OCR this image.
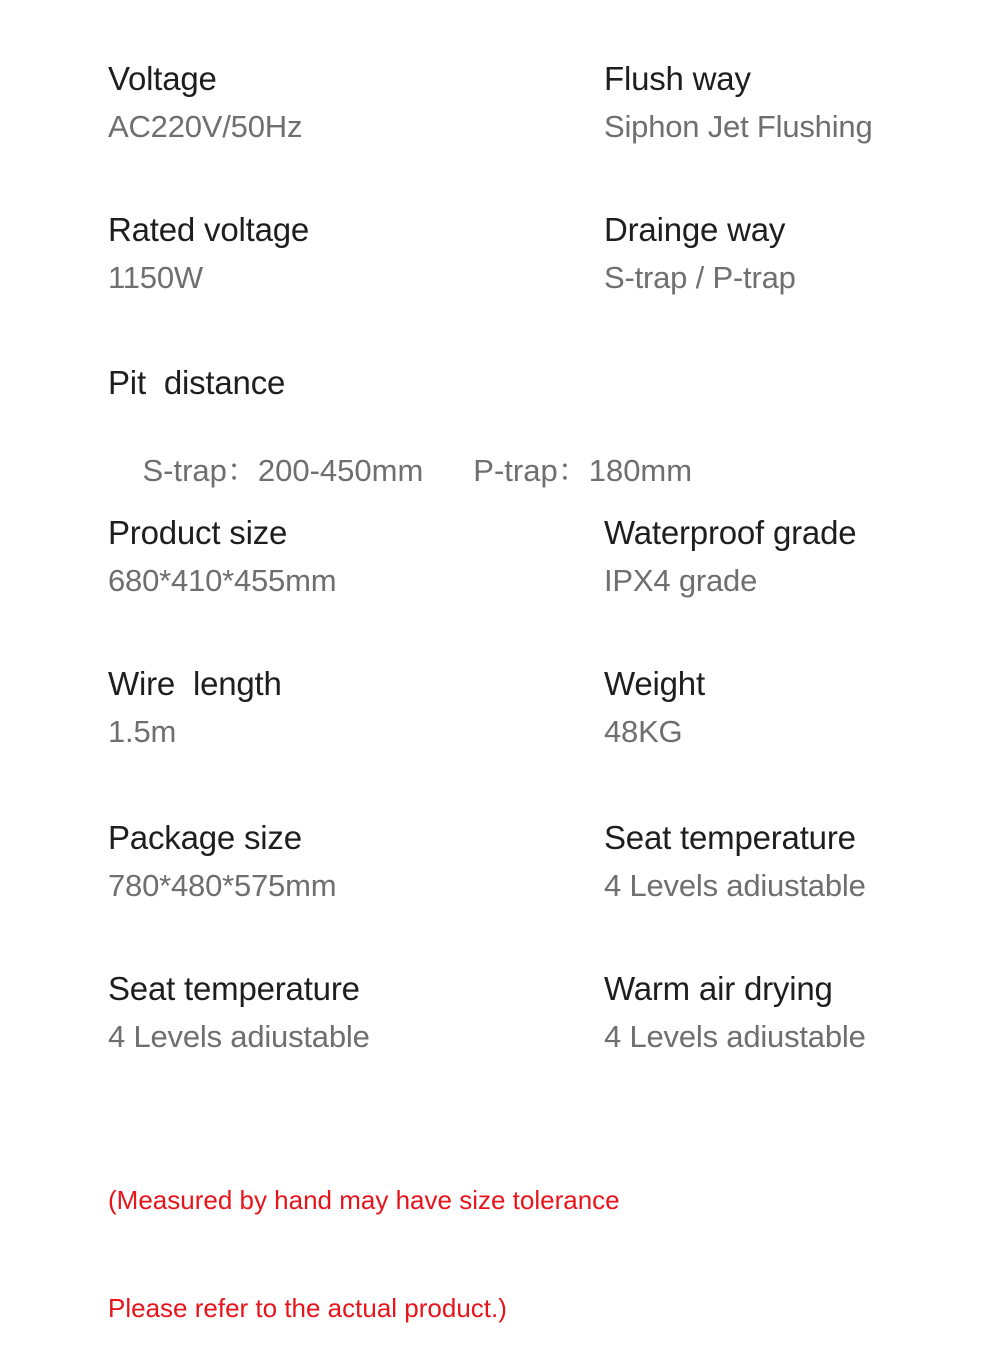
Voltage
AC220V/50Hz
Flush way
Siphon Jet Flushing
Rated voltage
1150W
Drainge way
S-trap / P-trap
Pit  distance

S-trap：200-450mm P-trap：180mm

Product size
680*410*455mm
Waterproof grade
IPX4 grade
Wire  length
1.5m
Weight
48KG
Package size
780*480*575mm
Seat temperature
4 Levels adiustable
Seat temperature
4 Levels adiustable
Warm air drying
4 Levels adiustable

(Measured by hand may have size tolerance

Please refer to the actual product.)
